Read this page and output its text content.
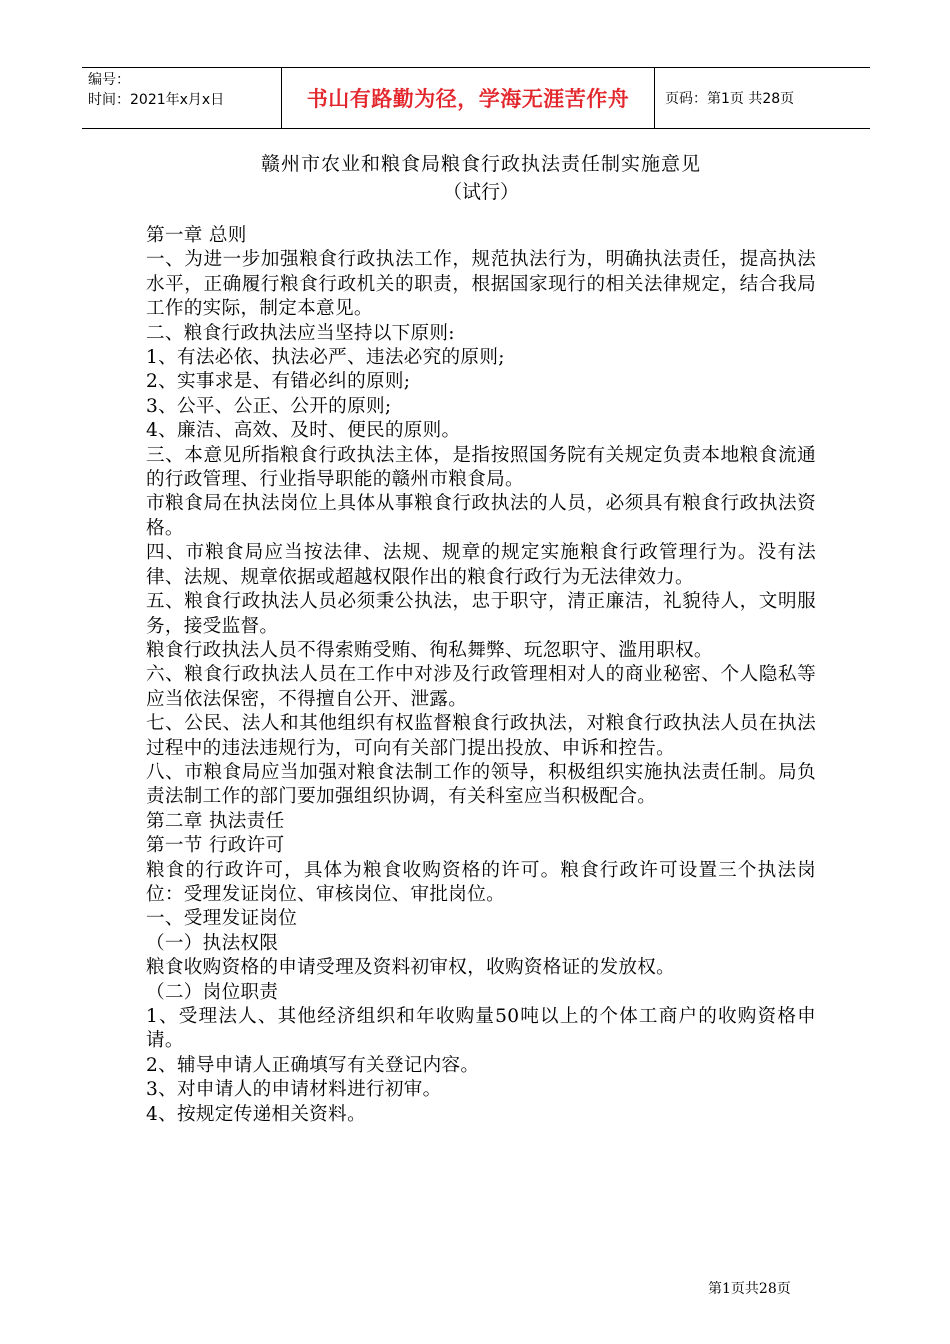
编号：
时间：2021年x月x日	书山有路勤为径，学海无涯苦作舟	页码：第1页 共28页
赣州市农业和粮食局粮食行政执法责任制实施意见
（试行）

第一章 总则

一、为进一步加强粮食行政执法工作，规范执法行为，明确执法责任，提高执法水平，正确履行粮食行政机关的职责，根据国家现行的相关法律规定，结合我局工作的实际，制定本意见。

二、粮食行政执法应当坚持以下原则:

1、有法必依、执法必严、违法必究的原则;

2、实事求是、有错必纠的原则;

3、公平、公正、公开的原则;

4、廉洁、高效、及时、便民的原则。

三、本意见所指粮食行政执法主体，是指按照国务院有关规定负责本地粮食流通的行政管理、行业指导职能的赣州市粮食局。

市粮食局在执法岗位上具体从事粮食行政执法的人员，必须具有粮食行政执法资格。

四、市粮食局应当按法律、法规、规章的规定实施粮食行政管理行为。没有法律、法规、规章依据或超越权限作出的粮食行政行为无法律效力。

五、粮食行政执法人员必须秉公执法，忠于职守，清正廉洁，礼貌待人，文明服务，接受监督。

粮食行政执法人员不得索贿受贿、徇私舞弊、玩忽职守、滥用职权。

六、粮食行政执法人员在工作中对涉及行政管理相对人的商业秘密、个人隐私等应当依法保密，不得擅自公开、泄露。

七、公民、法人和其他组织有权监督粮食行政执法，对粮食行政执法人员在执法过程中的违法违规行为，可向有关部门提出投放、申诉和控告。

八、市粮食局应当加强对粮食法制工作的领导，积极组织实施执法责任制。局负责法制工作的部门要加强组织协调，有关科室应当积极配合。

第二章 执法责任

第一节 行政许可

粮食的行政许可，具体为粮食收购资格的许可。粮食行政许可设置三个执法岗位：受理发证岗位、审核岗位、审批岗位。

一、受理发证岗位

（一）执法权限

粮食收购资格的申请受理及资料初审权，收购资格证的发放权。

（二）岗位职责

1、受理法人、其他经济组织和年收购量50吨以上的个体工商户的收购资格申请。

2、辅导申请人正确填写有关登记内容。

3、对申请人的申请材料进行初审。

4、按规定传递相关资料。

第1页共28页
